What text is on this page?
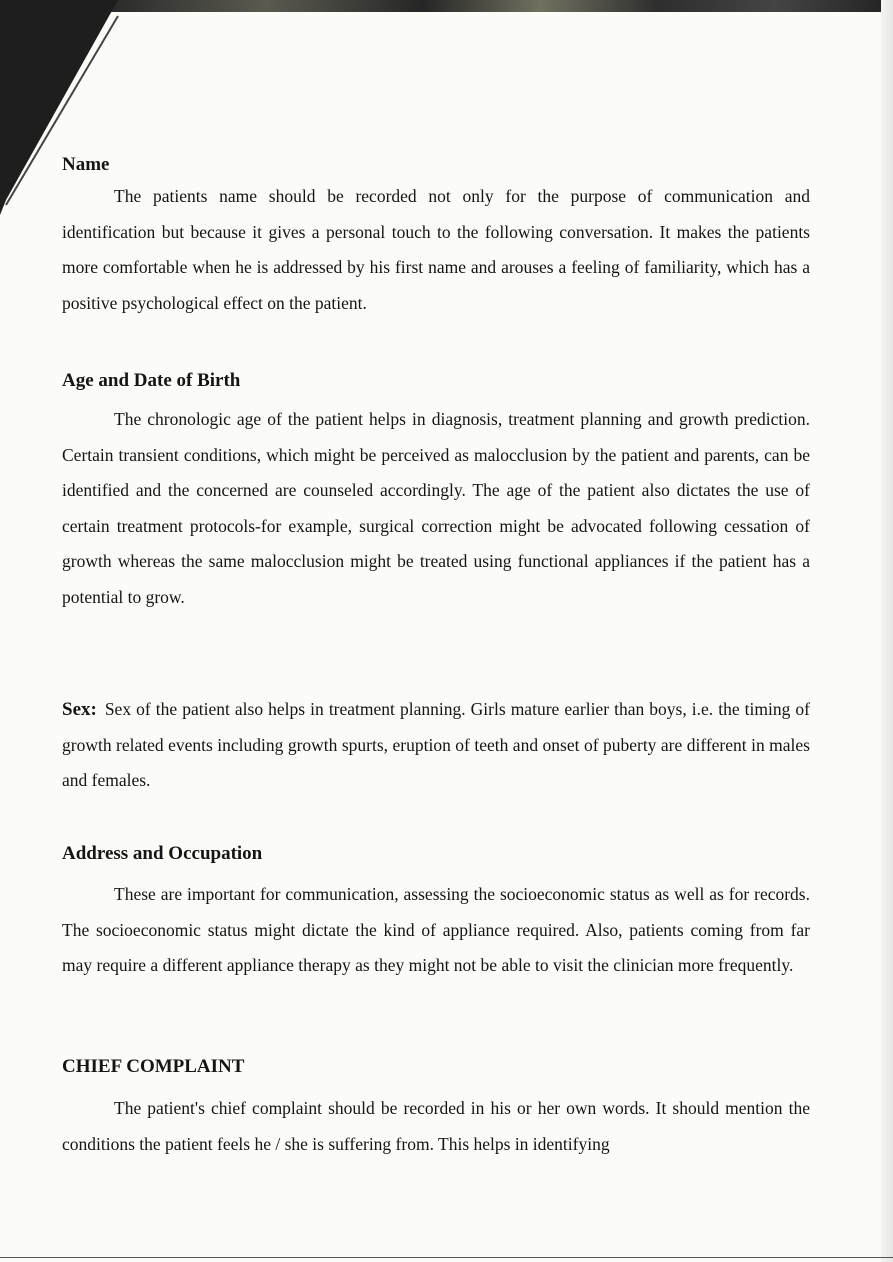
Name

The patients name should be recorded not only for the purpose of communication and identification but because it gives a personal touch to the following conversation. It makes the patients more comfortable when he is addressed by his first name and arouses a feeling of familiarity, which has a positive psychological effect on the patient.

Age and Date of Birth

The chronologic age of the patient helps in diagnosis, treatment planning and growth prediction. Certain transient conditions, which might be perceived as malocclusion by the patient and parents, can be identified and the concerned are counseled accordingly. The age of the patient also dictates the use of certain treatment protocols-for example, surgical correction might be advocated following cessation of growth whereas the same malocclusion might be treated using functional appliances if the patient has a potential to grow.

Sex: Sex of the patient also helps in treatment planning. Girls mature earlier than boys, i.e. the timing of growth related events including growth spurts, eruption of teeth and onset of puberty are different in males and females.

Address and Occupation

These are important for communication, assessing the socioeconomic status as well as for records. The socioeconomic status might dictate the kind of appliance required. Also, patients coming from far may require a different appliance therapy as they might not be able to visit the clinician more frequently.

CHIEF COMPLAINT

The patient's chief complaint should be recorded in his or her own words. It should mention the conditions the patient feels he / she is suffering from. This helps in identifying
